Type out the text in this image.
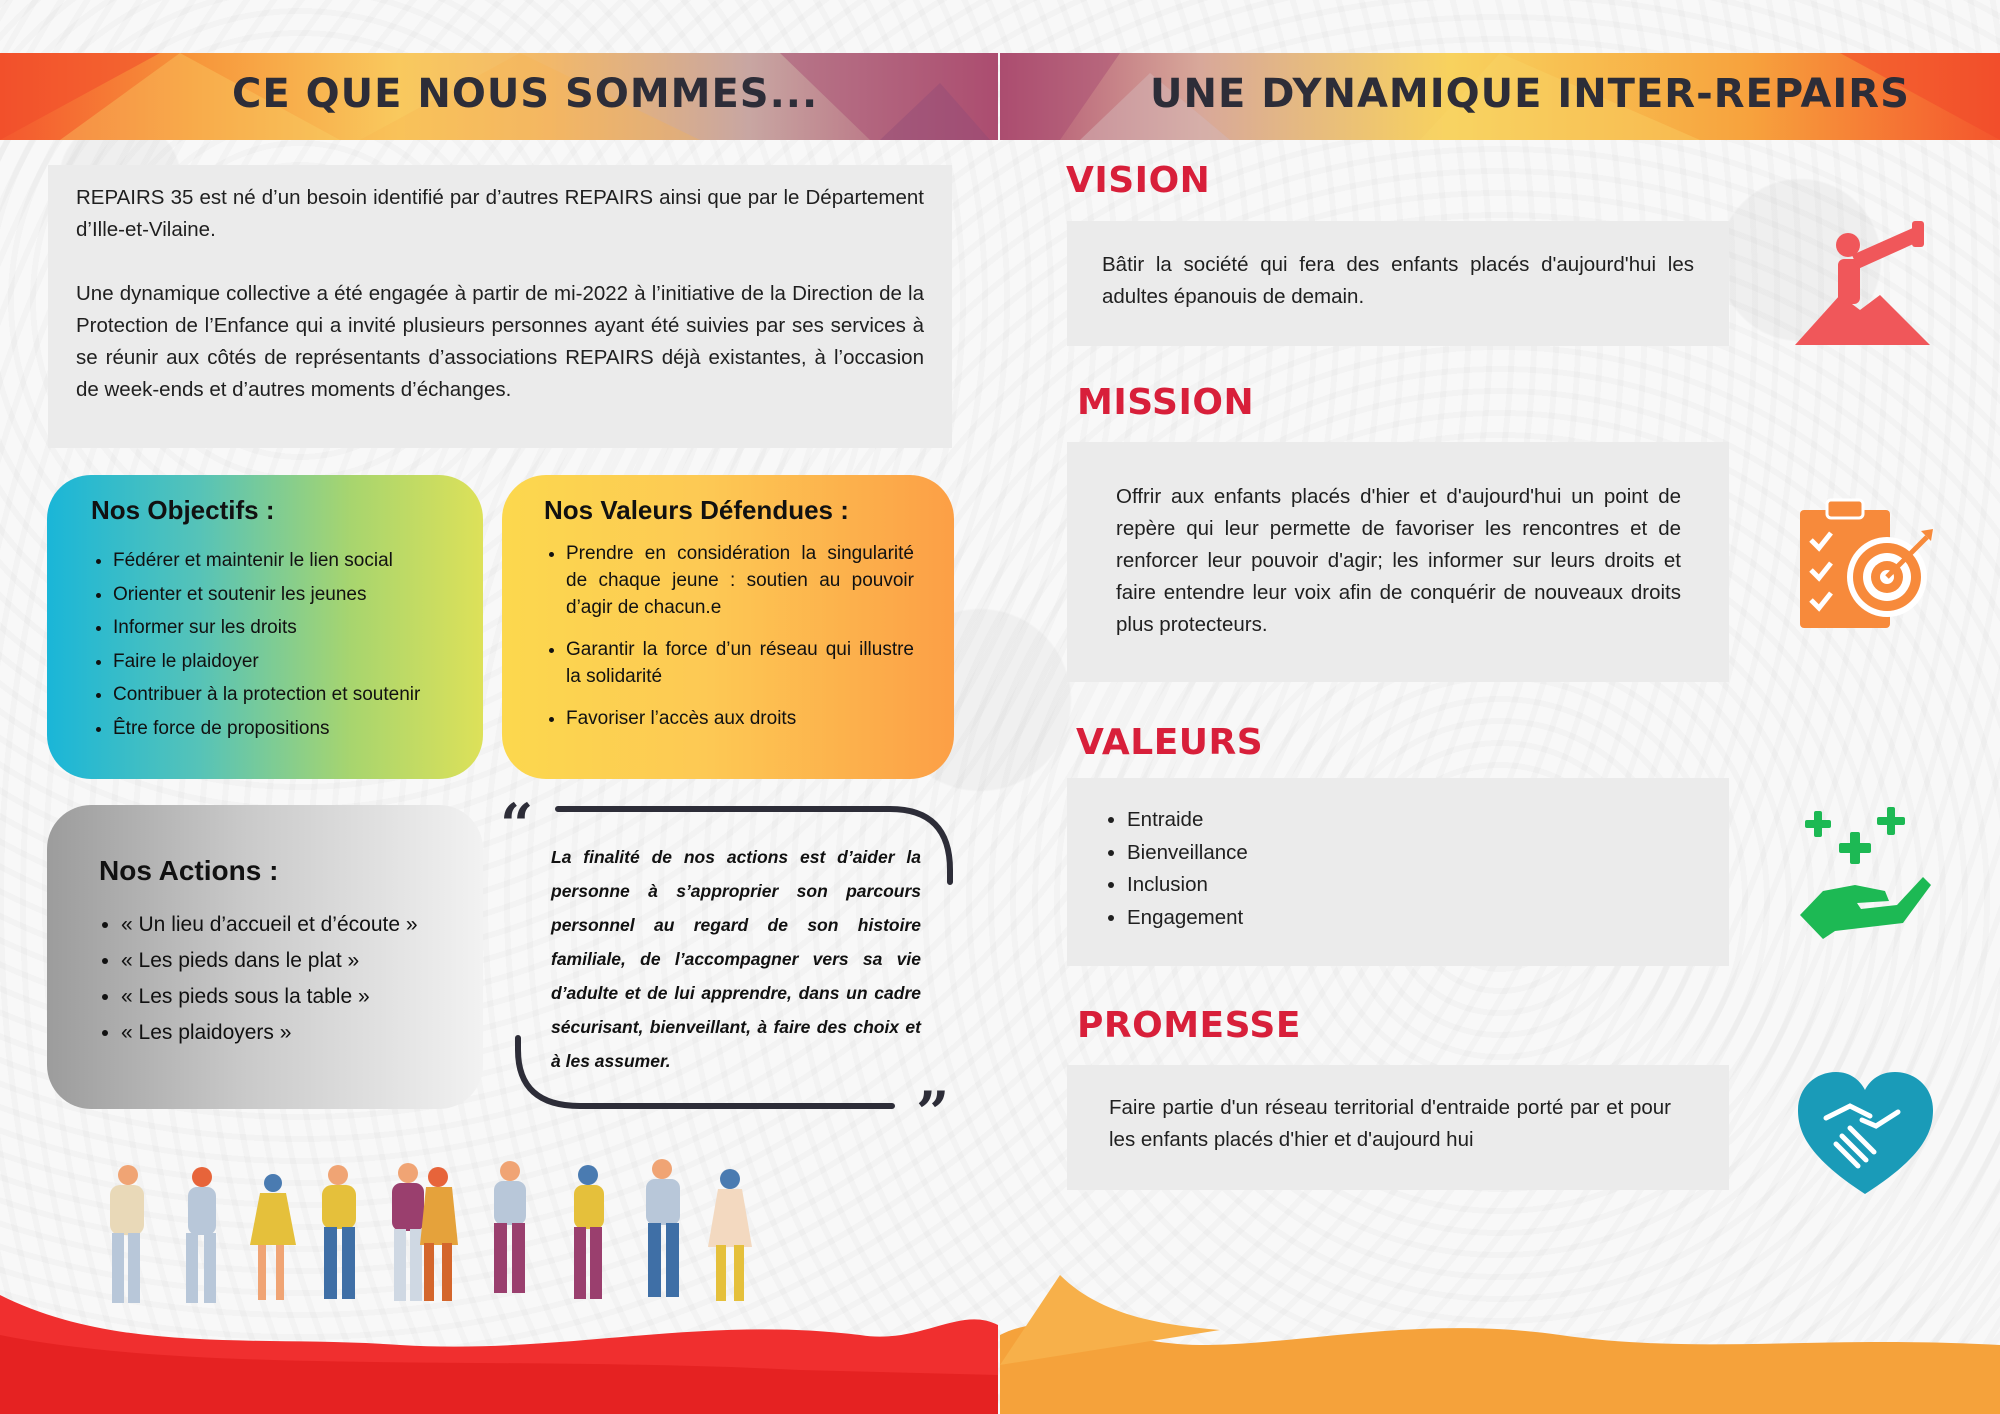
CE QUE NOUS SOMMES...	UNE DYNAMIQUE INTER-REPAIRS

REPAIRS 35 est né d’un besoin identifié par d’autres REPAIRS ainsi que par le Département d’Ille-et-Vilaine.

Une dynamique collective a été engagée à partir de mi-2022 à l’initiative de la Direction de la Protection de l’Enfance qui a invité plusieurs personnes ayant été suivies par ses services à se réunir aux côtés de représentants d’associations REPAIRS déjà existantes, à l’occasion de week-ends et d’autres moments d’échanges.

Nos Objectifs :
• Fédérer et maintenir le lien social
• Orienter et soutenir les jeunes
• Informer sur les droits
• Faire le plaidoyer
• Contribuer à la protection et soutenir
• Être force de propositions
Nos Valeurs Défendues :
• Prendre en considération la singularité de chaque jeune : soutien au pouvoir d’agir de chacun.e
• Garantir la force d’un réseau qui illustre la solidarité
• Favoriser l’accès aux droits
Nos Actions :
• « Un lieu d’accueil et d’écoute »
• « Les pieds dans le plat »
• « Les pieds sous la table »
• « Les plaidoyers »
“
”
La finalité de nos actions est d’aider la personne à s’approprier son parcours personnel au regard de son histoire familiale, de l’accompagner vers sa vie d’adulte et de lui apprendre, dans un cadre sécurisant, bienveillant, à faire des choix et à les assumer.
VISION
Bâtir la société qui fera des enfants placés d'aujourd'hui les adultes épanouis de demain.
MISSION
Offrir aux enfants placés d'hier et d'aujourd'hui un point de repère qui leur permette de favoriser les rencontres et de renforcer leur pouvoir d'agir; les informer sur leurs droits et faire entendre leur voix afin de conquérir de nouveaux droits plus protecteurs.
VALEURS
• Entraide
• Bienveillance
• Inclusion
• Engagement
PROMESSE
Faire partie d'un réseau territorial d'entraide porté par et pour les enfants placés d'hier et d'aujourd hui
